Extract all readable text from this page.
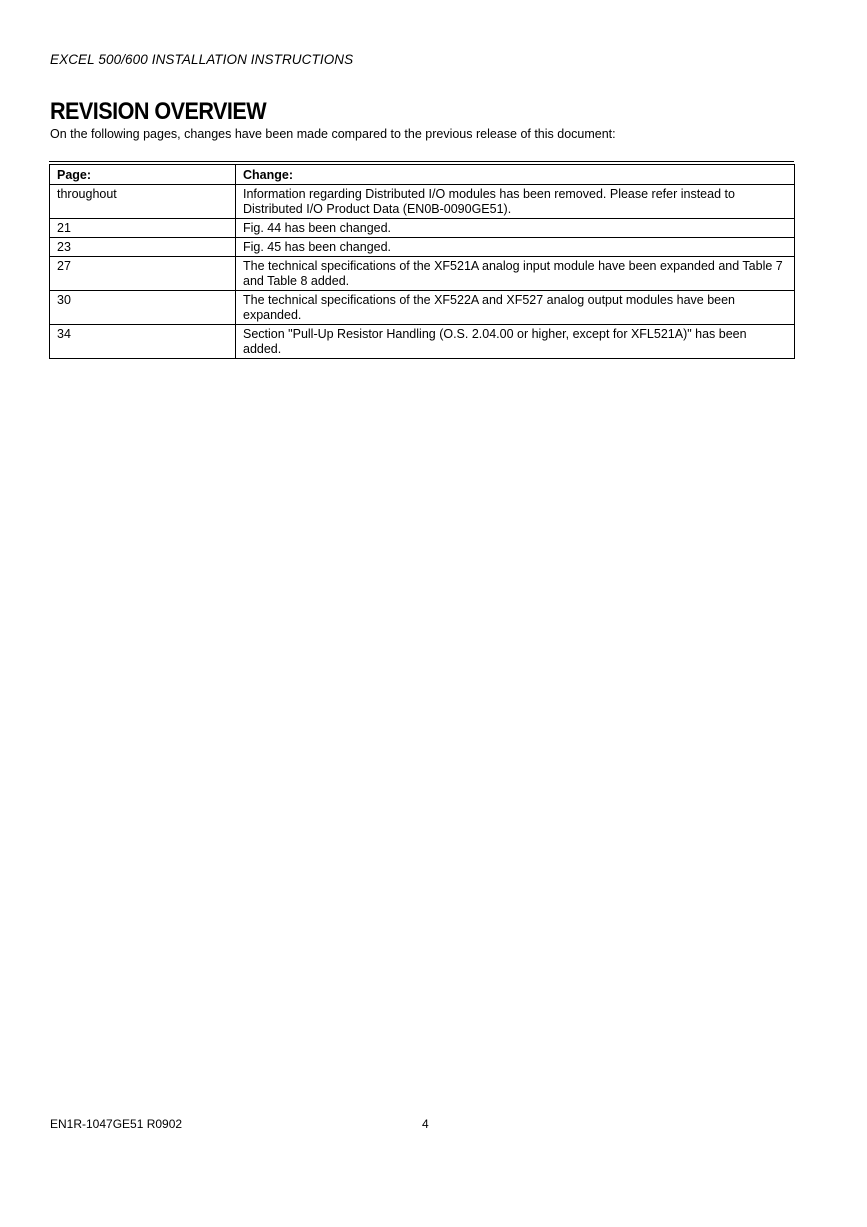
EXCEL 500/600 INSTALLATION INSTRUCTIONS
REVISION OVERVIEW
On the following pages, changes have been made compared to the previous release of this document:
Page:	Change:
throughout	Information regarding Distributed I/O modules has been removed. Please refer instead to Distributed I/O Product Data (EN0B-0090GE51).
21	Fig. 44 has been changed.
23	Fig. 45 has been changed.
27	The technical specifications of the XF521A analog input module have been expanded and Table 7 and Table 8 added.
30	The technical specifications of the XF522A and XF527 analog output modules have been expanded.
34	Section "Pull-Up Resistor Handling (O.S. 2.04.00 or higher, except for XFL521A)" has been added.
EN1R-1047GE51 R0902	4
